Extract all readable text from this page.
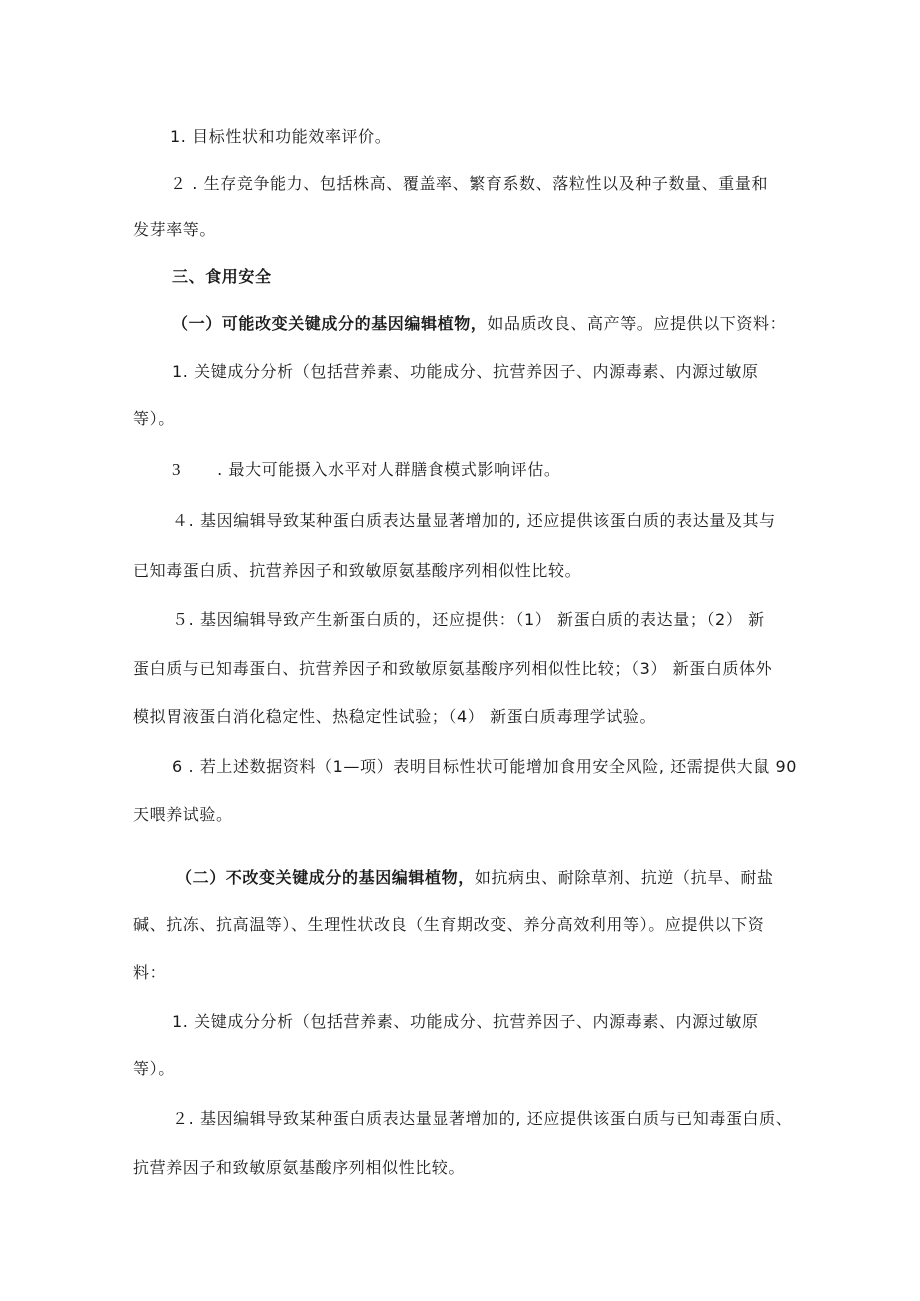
1. 目标性状和功能效率评价。
２ . 生存竞争能力、包括株高、覆盖率、繁育系数、落粒性以及种子数量、重量和
发芽率等。
三、食用安全
（一）可能改变关键成分的基因编辑植物，如品质改良、高产等。应提供以下资料：
1. 关键成分分析（包括营养素、功能成分、抗营养因子、内源毒素、内源过敏原
等）。
3 . 最大可能摄入水平对人群膳食模式影响评估。
４. 基因编辑导致某种蛋白质表达量显著增加的, 还应提供该蛋白质的表达量及其与
已知毒蛋白质、抗营养因子和致敏原氨基酸序列相似性比较。
５. 基因编辑导致产生新蛋白质的，还应提供：（1） 新蛋白质的表达量；（2） 新
蛋白质与已知毒蛋白、抗营养因子和致敏原氨基酸序列相似性比较；（3） 新蛋白质体外
模拟胃液蛋白消化稳定性、热稳定性试验；（4） 新蛋白质毒理学试验。
6 . 若上述数据资料（1—项）表明目标性状可能增加食用安全风险, 还需提供大鼠 90
天喂养试验。
（二）不改变关键成分的基因编辑植物，如抗病虫、耐除草剂、抗逆（抗旱、耐盐
碱、抗冻、抗高温等）、生理性状改良（生育期改变、养分高效利用等）。应提供以下资
料：
1. 关键成分分析（包括营养素、功能成分、抗营养因子、内源毒素、内源过敏原
等）。
２. 基因编辑导致某种蛋白质表达量显著增加的, 还应提供该蛋白质与已知毒蛋白质、
抗营养因子和致敏原氨基酸序列相似性比较。
